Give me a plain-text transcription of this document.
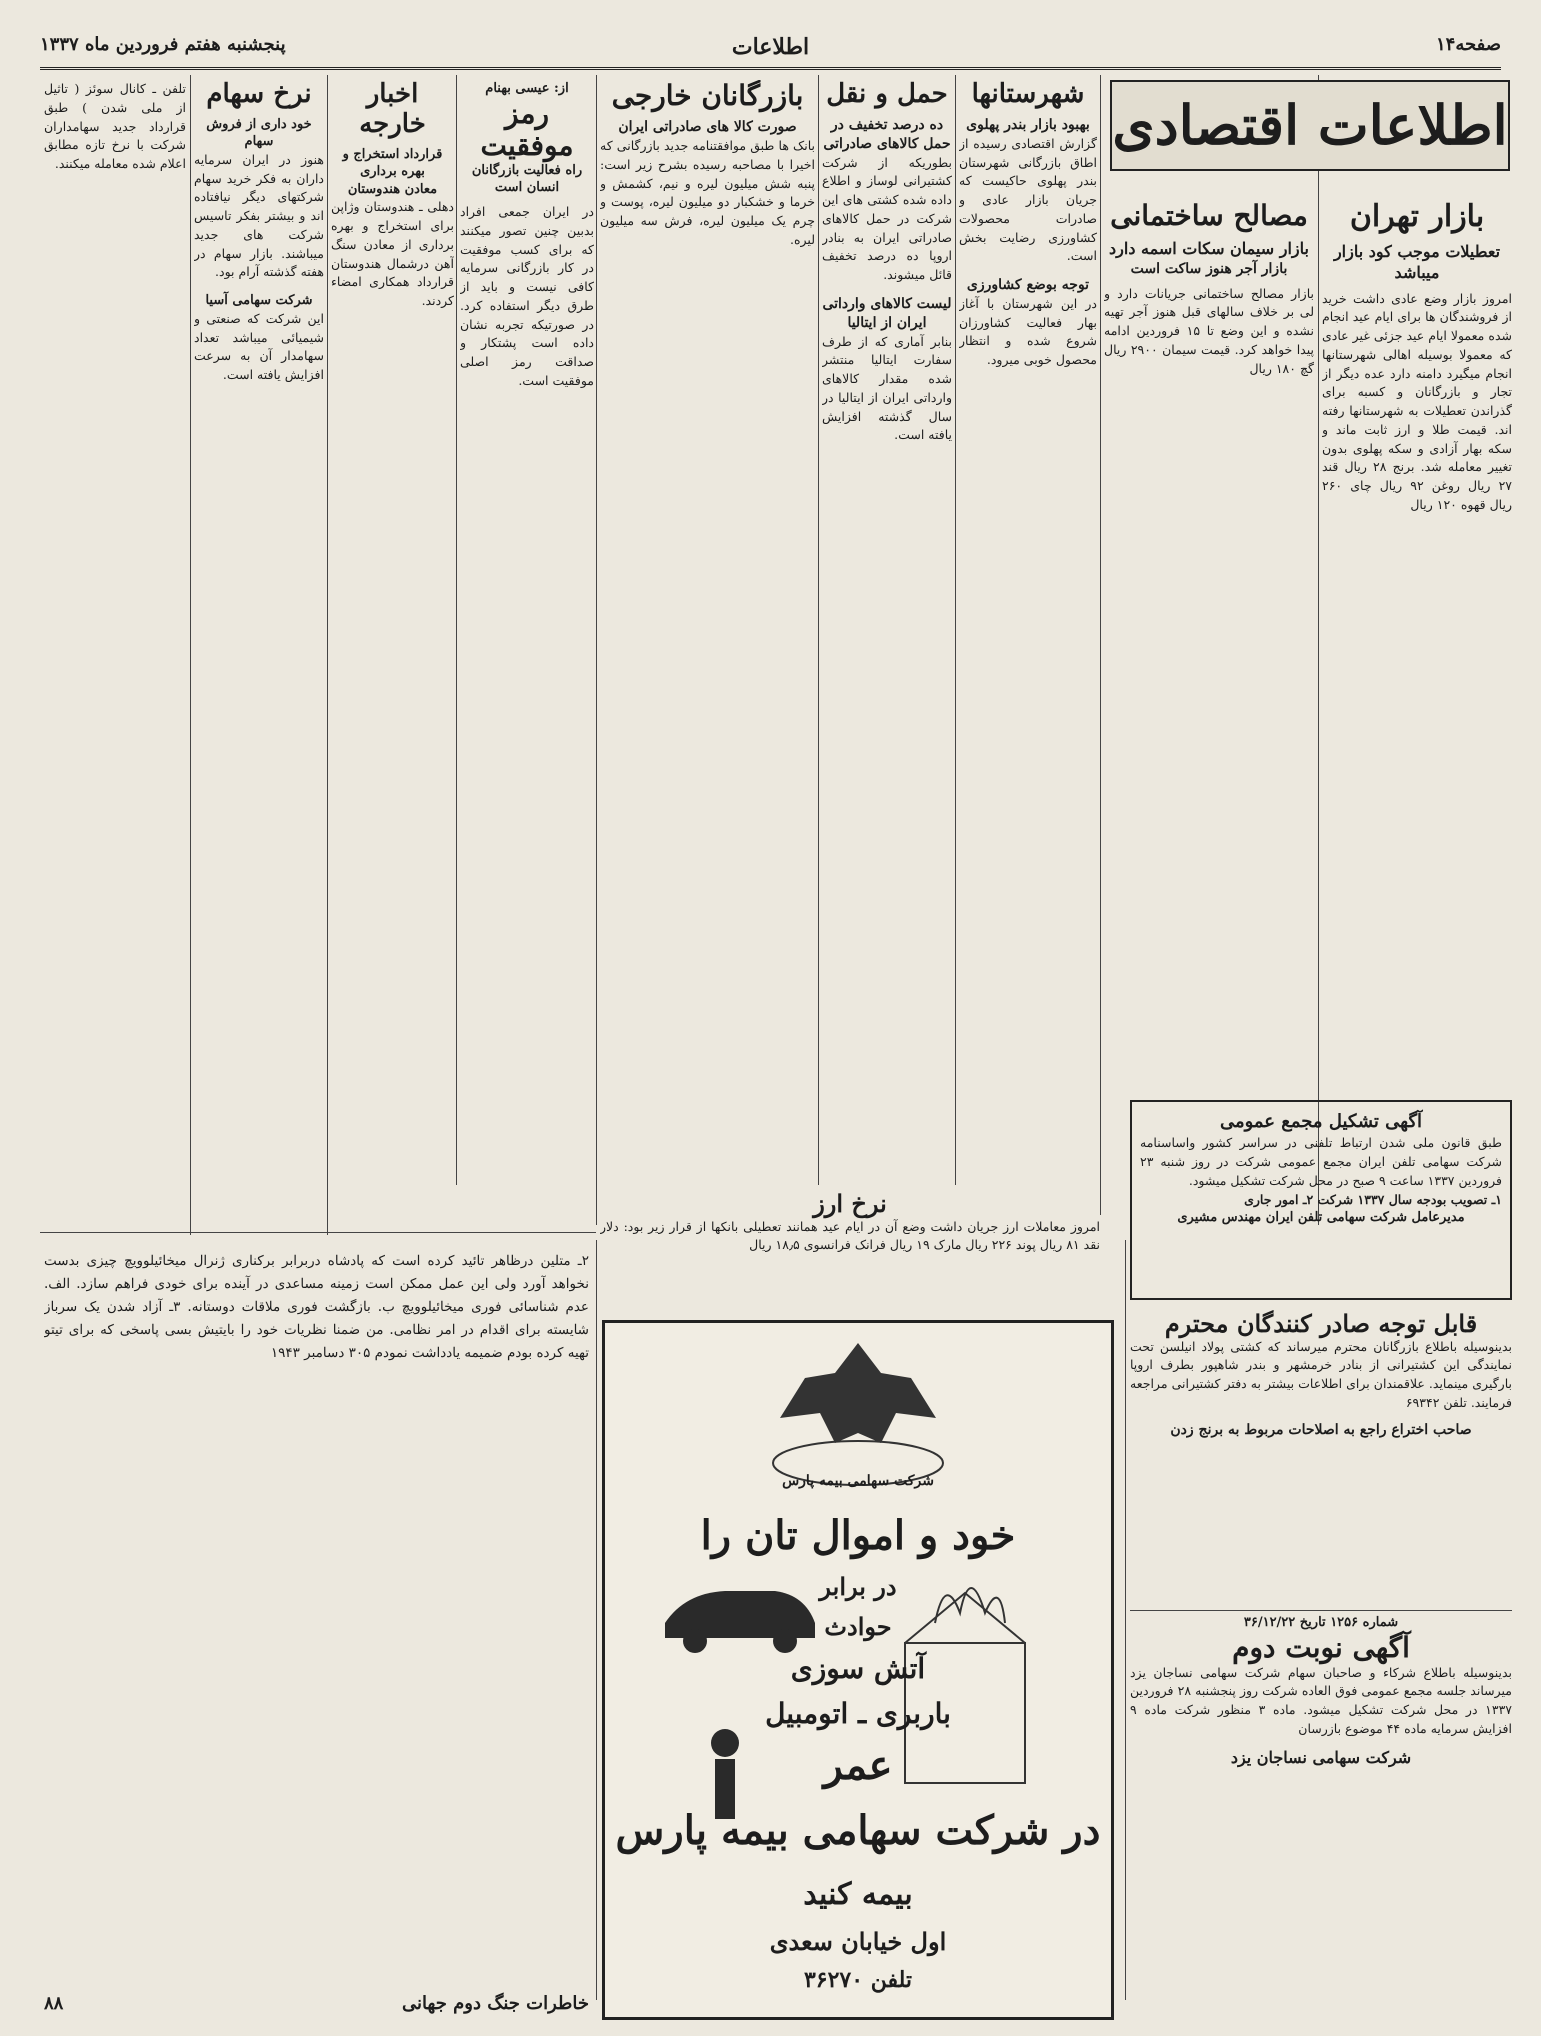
صفحه۱۴
اطلاعات
پنجشنبه هفتم فروردین ماه ۱۳۳۷
اطلاعات اقتصادی
بازار تهران
تعطیلات موجب کود بازار میباشد
امروز بازار وضع عادی داشت خرید از فروشندگان ها برای ایام عید انجام شده معمولا ایام عید جزئی غیر عادی که معمولا بوسیله اهالی شهرستانها انجام میگیرد دامنه دارد عده دیگر از تجار و بازرگانان و کسبه برای گذراندن تعطیلات به شهرستانها رفته اند. قیمت طلا و ارز ثابت ماند و سکه بهار آزادی و سکه پهلوی بدون تغییر معامله شد. برنج ۲۸ ریال قند ۲۷ ریال روغن ۹۲ ریال چای ۲۶۰ ریال قهوه ۱۲۰ ریال
مصالح ساختمانی
بازار سیمان سکات اسمه دارد
بازار آجر هنوز ساکت است
بازار مصالح ساختمانی جریانات دارد و لی بر خلاف سالهای قبل هنوز آجر تهیه نشده و این وضع تا ۱۵ فروردین ادامه پیدا خواهد کرد. قیمت سیمان ۲۹۰۰ ریال گچ ۱۸۰ ریال
شهرستانها
بهبود بازار بندر پهلوی
گزارش اقتصادی رسیده از اطاق بازرگانی شهرستان بندر پهلوی حاکیست که جریان بازار عادی و صادرات محصولات کشاورزی رضایت بخش است.
توجه بوضع کشاورزی
در این شهرستان با آغاز بهار فعالیت کشاورزان شروع شده و انتظار محصول خوبی میرود.
حمل و نقل
ده درصد تخفیف در حمل کالاهای صادراتی
بطوریکه از شرکت کشتیرانی لوساز و اطلاع داده شده کشتی های این شرکت در حمل کالاهای صادراتی ایران به بنادر اروپا ده درصد تخفیف قائل میشوند.
لیست کالاهای وارداتی ایران از ایتالیا
بنابر آماری که از طرف سفارت ایتالیا منتشر شده مقدار کالاهای وارداتی ایران از ایتالیا در سال گذشته افزایش یافته است.
بازرگانان خارجی
صورت کالا های صادراتی ایران
بانک ها طبق موافقتنامه جدید بازرگانی که اخیرا با مصاحبه رسیده بشرح زیر است: پنبه شش میلیون لیره و نیم، کشمش و خرما و خشکبار دو میلیون لیره، پوست و چرم یک میلیون لیره، فرش سه میلیون لیره.
از: عیسی بهنام
رمز موفقیت
راه فعالیت بازرگانان انسان است
در ایران جمعی افراد بدبین چنین تصور میکنند که برای کسب موفقیت در کار بازرگانی سرمایه کافی نیست و باید از طرق دیگر استفاده کرد. در صورتیکه تجربه نشان داده است پشتکار و صداقت رمز اصلی موفقیت است.
اخبار خارجه
قرارداد استخراج و بهره برداری
معادن هندوستان
دهلی ـ هندوستان وژاپن برای استخراج و بهره برداری از معادن سنگ آهن درشمال هندوستان قرارداد همکاری امضاء کردند.
نرخ سهام
خود داری از فروش سهام
هنوز در ایران سرمایه داران به فکر خرید سهام شرکتهای دیگر نیافتاده اند و بیشتر بفکر تاسیس شرکت های جدید میباشند. بازار سهام در هفته گذشته آرام بود.
شرکت سهامی آسیا
این شرکت که صنعتی و شیمیائی میباشد تعداد سهامدار آن به سرعت افزایش یافته است.
تلفن ـ کانال سوئز ( تاثیل از ملی شدن ) طبق قرارداد جدید سهامداران شرکت با نرخ تازه مطابق اعلام شده معامله میکنند.
۲ـ متلین درظاهر تائید کرده است که پادشاه دربرابر برکناری ژنرال میخائیلوویچ چیزی بدست نخواهد آورد ولی این عمل ممکن است زمینه مساعدی در آینده برای خودی فراهم سازد. الف. عدم شناسائی فوری میخائیلوویچ ب. بازگشت فوری ملاقات دوستانه. ۳ـ آزاد شدن یک سرباز شایسته برای اقدام در امر نظامی. من ضمنا نظریات خود را بایتیش بسی پاسخی که برای تیتو تهیه کرده بودم ضمیمه یادداشت نمودم ۳۰۵ دسامبر ۱۹۴۳
خاطرات جنگ دوم جهانی
۸۸
نرخ ارز
امروز معاملات ارز جریان داشت وضع آن در ایام عید همانند تعطیلی بانکها از قرار زیر بود: دلار نقد ۸۱ ریال پوند ۲۲۶ ریال مارک ۱۹ ریال فرانک فرانسوی ۱۸٫۵ ریال
شرکت سهامی بیمه پارس
خود و اموال تان را
در برابر
حوادث
آتش سوزی
باربری ـ اتومبیل
عمر
در شرکت سهامی بیمه پارس
بیمه کنید
اول خیابان سعدی
تلفن ۳۶۲۷۰
آگهی تشکیل مجمع عمومی
طبق قانون ملی شدن ارتباط تلفنی در سراسر کشور واساسنامه شرکت سهامی تلفن ایران مجمع عمومی شرکت در روز شنبه ۲۳ فروردین ۱۳۳۷ ساعت ۹ صبح در محل شرکت تشکیل میشود.
۱ـ تصویب بودجه سال ۱۳۳۷ شرکت ۲ـ امور جاری
مدیرعامل شرکت سهامی تلفن ایران مهندس مشیری
قابل توجه صادر کنندگان محترم
بدینوسیله باطلاع بازرگانان محترم میرساند که کشتی پولاد انیلسن تحت نمایندگی این کشتیرانی از بنادر خرمشهر و بندر شاهپور بطرف اروپا بارگیری مینماید. علاقمندان برای اطلاعات بیشتر به دفتر کشتیرانی مراجعه فرمایند. تلفن ۶۹۳۴۲
صاحب اختراع راجع به اصلاحات مربوط به برنج زدن
شماره ۱۲۵۶ تاریخ ۳۶/۱۲/۲۲
آگهی نوبت دوم
بدینوسیله باطلاع شرکاء و صاحبان سهام شرکت سهامی نساجان یزد میرساند جلسه مجمع عمومی فوق العاده شرکت روز پنجشنبه ۲۸ فروردین ۱۳۳۷ در محل شرکت تشکیل میشود. ماده ۳ منظور شرکت ماده ۹ افزایش سرمایه ماده ۴۴ موضوع بازرسان
شرکت سهامی نساجان یزد
